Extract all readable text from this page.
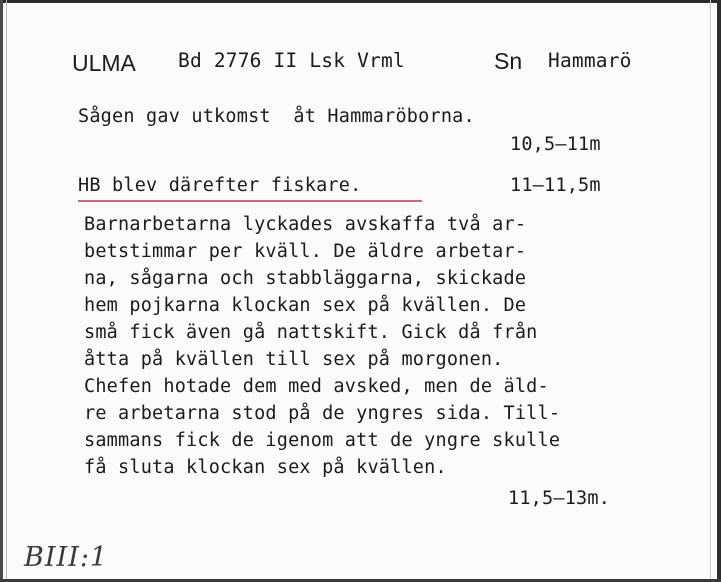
ULMA Bd 2776 II Lsk Vrml	Sn Hammarö
Sågen gav utkomst  åt Hammaröborna.
10,5–11m
HB blev därefter fiskare.	11–11,5m
Barnarbetarna lyckades avskaffa två ar-
betstimmar per kväll. De äldre arbetar-
na, sågarna och stabbläggarna, skickade
hem pojkarna klockan sex på kvällen. De
små fick även gå nattskift. Gick då från
åtta på kvällen till sex på morgonen.
Chefen hotade dem med avsked, men de äld-
re arbetarna stod på de yngres sida. Till-
sammans fick de igenom att de yngre skulle
få sluta klockan sex på kvällen.
11,5–13m.
BIII:1
